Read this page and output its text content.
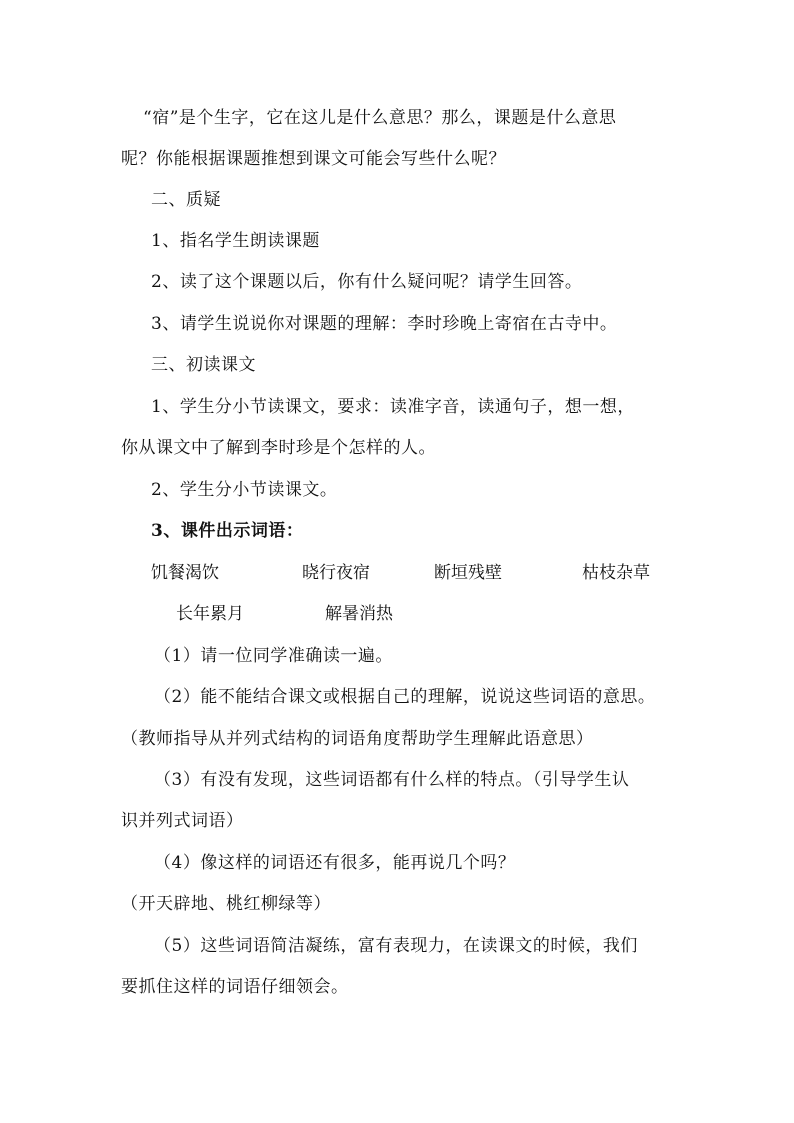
“宿”是个生字，它在这儿是什么意思？那么，课题是什么意思
呢？你能根据课题推想到课文可能会写些什么呢？
二、质疑
1、指名学生朗读课题
2、读了这个课题以后，你有什么疑问呢？请学生回答。
3、请学生说说你对课题的理解：李时珍晚上寄宿在古寺中。
三、初读课文
1、学生分小节读课文，要求：读准字音，读通句子，想一想，
你从课文中了解到李时珍是个怎样的人。
2、学生分小节读课文。
3、课件出示词语：
饥餐渴饮	晓行夜宿	断垣残壁	枯枝杂草
长年累月	解暑消热
（1）请一位同学准确读一遍。
（2）能不能结合课文或根据自己的理解，说说这些词语的意思。
（教师指导从并列式结构的词语角度帮助学生理解此语意思）
（3）有没有发现，这些词语都有什么样的特点。（引导学生认
识并列式词语）
（4）像这样的词语还有很多，能再说几个吗？
（开天辟地、桃红柳绿等）
（5）这些词语简洁凝练，富有表现力，在读课文的时候，我们
要抓住这样的词语仔细领会。
